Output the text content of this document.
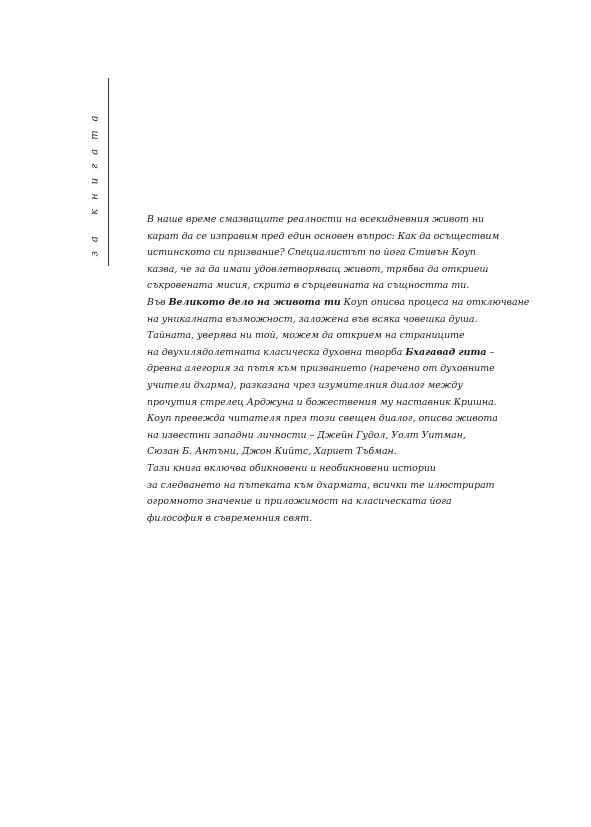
за книгата	В наше време смазващите реалности на всекидневния живот ни
карат да се изправим пред един основен въпрос: Как да осъществим
истинското си призвание? Специалистът по йога Стивън Коуп
казва, че за да имаш удовлетворяващ живот, трябва да откриеш
съкровената мисия, скрита в сърцевината на същността ти.
Във Великото дело на живота ти Коуп описва процеса на отключване
на уникалната възможност, заложена във всяка човешка душа.
Тайната, уверява ни той, можем да открием на страниците
на двухилядолетната класическа духовна творба Бхагавад гита –
древна алегория за пътя към призванието (наречено от духовните
учители дхарма), разказана чрез изумителния диалог между
прочутия стрелец Арджуна и божествения му наставник Кришна.
Коуп превежда читателя през този свещен диалог, описва живота
на известни западни личности – Джейн Гудол, Уолт Уитман,
Сюзан Б. Антъни, Джон Кийтс, Хариет Тъбман.
Тази книга включва обикновени и необикновени истории
за следването на пътеката към дхармата, всички те илюстрират
огромното значение и приложимост на класическата йога
философия в съвременния свят.
